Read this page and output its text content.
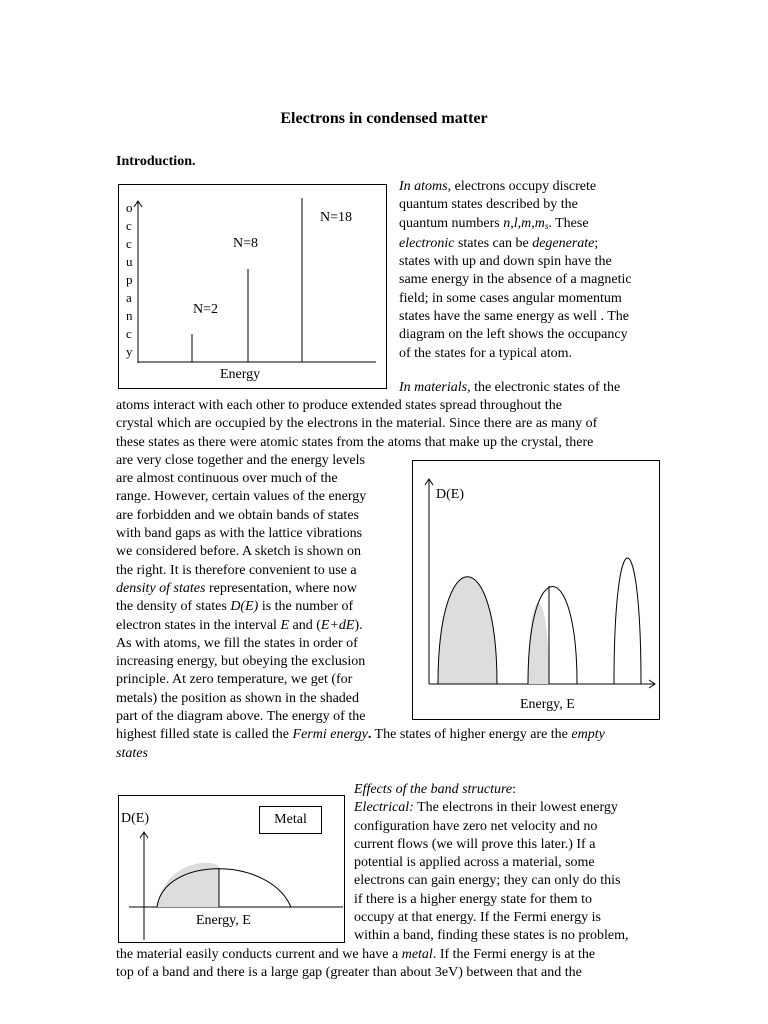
Electrons in condensed matter
Introduction.
o
c
c
u
p
a
n
c
y
N=2
N=8
N=18
Energy
D(E)
Energy, E
D(E)
Energy, E
Metal
In atoms, electrons occupy discrete
quantum states described by the
quantum numbers n,l,m,ms. These
electronic states can be degenerate;
states with up and down spin have the
same energy in the absence of a magnetic
field; in some cases angular momentum
states have the same energy as well . The
diagram on the left shows the occupancy
of the states for a typical atom.
In materials, the electronic states of the
atoms interact with each other to produce extended states spread throughout the
crystal which are occupied by the electrons in the material. Since there are as many of
these states as there were atomic states from the atoms that make up the crystal, there
are very close together and the energy levels
are almost continuous over much of the
range. However, certain values of the energy
are forbidden and we obtain bands of states
with band gaps as with the lattice vibrations
we considered before. A sketch is shown on
the right. It is therefore convenient to use a
density of states representation, where now
the density of states D(E) is the number of
electron states in the interval E and (E+dE).
As with atoms, we fill the states in order of
increasing energy, but obeying the exclusion
principle. At zero temperature, we get (for
metals) the position as shown in the shaded
part of the diagram above. The energy of the
highest filled state is called the Fermi energy. The states of higher energy are the empty
states
Effects of the band structure:
Electrical: The electrons in their lowest energy
configuration have zero net velocity and no
current flows (we will prove this later.) If a
potential is applied across a material, some
electrons can gain energy; they can only do this
if there is a higher energy state for them to
occupy at that energy. If the Fermi energy is
within a band, finding these states is no problem,
the material easily conducts current and we have a metal. If the Fermi energy is at the
top of a band and there is a large gap (greater than about 3eV) between that and the
